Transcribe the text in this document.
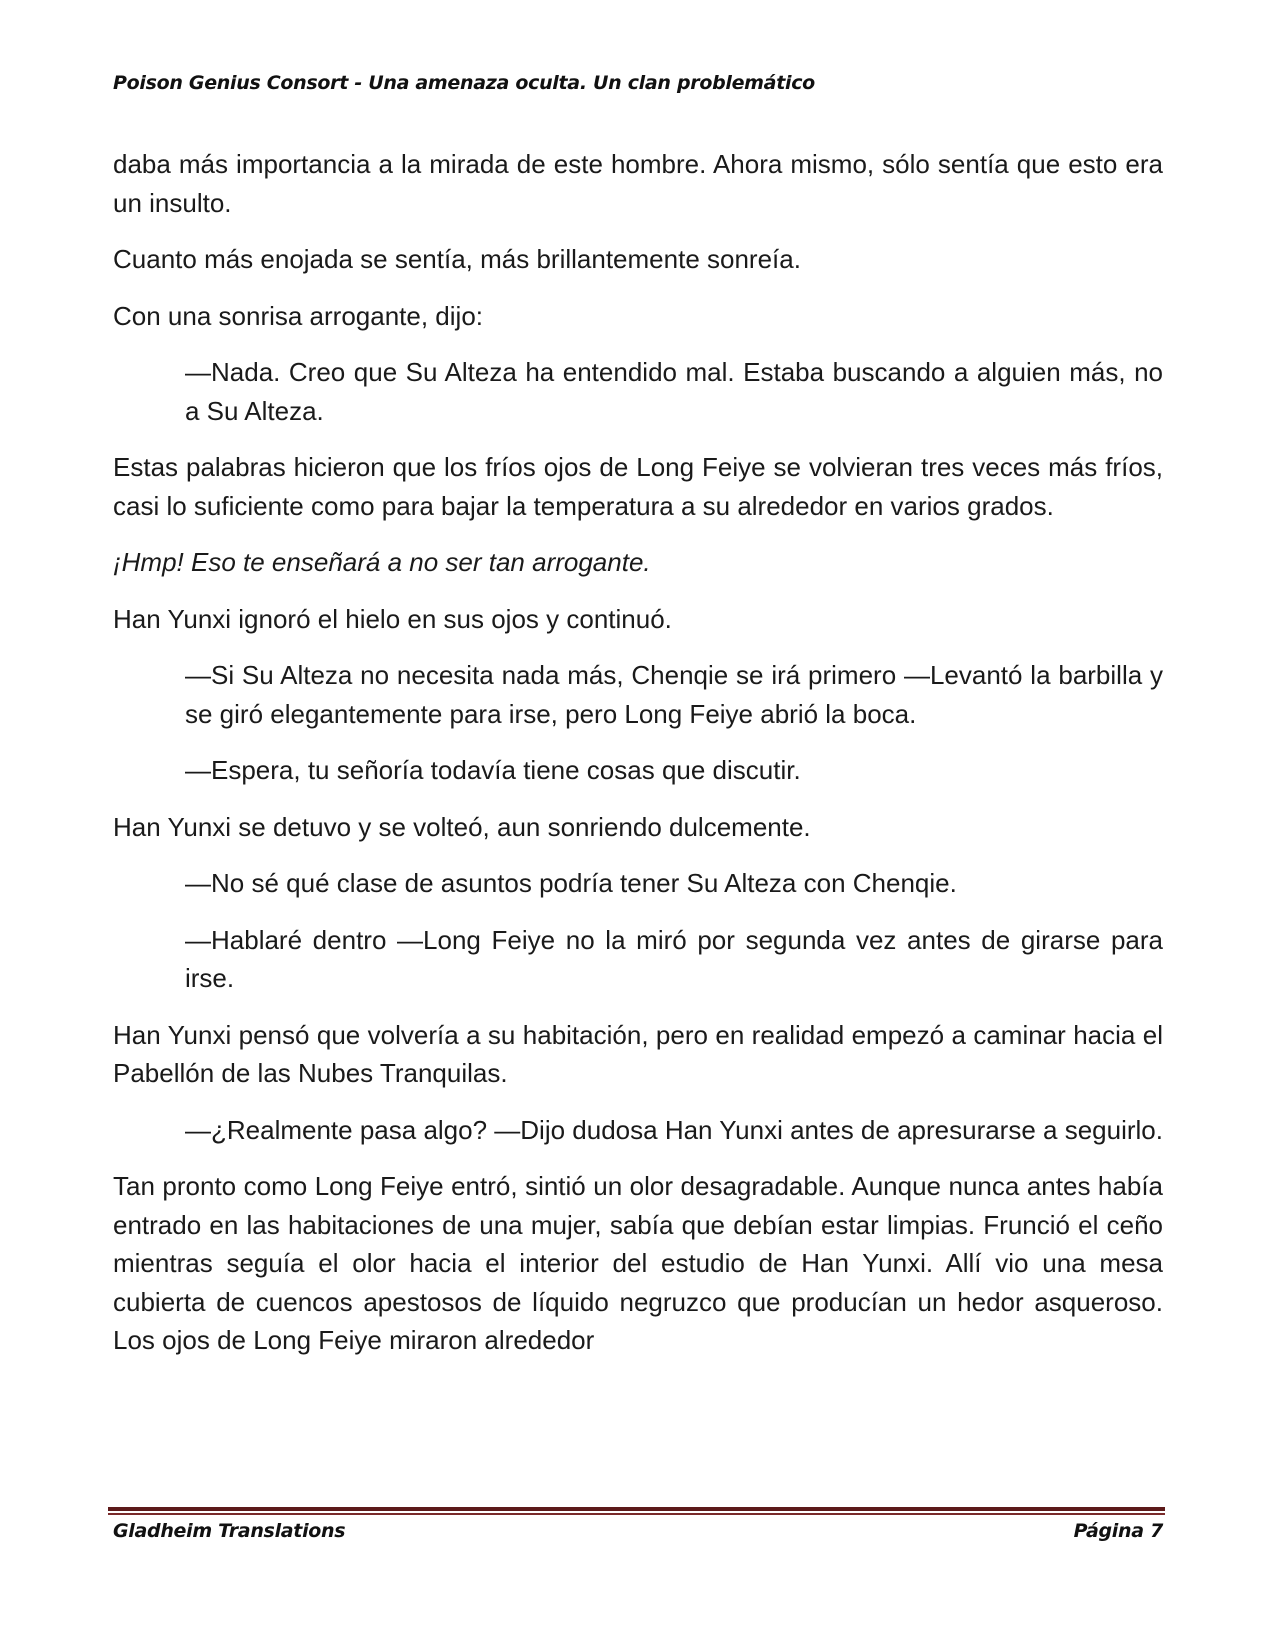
Poison Genius Consort - Una amenaza oculta. Un clan problemático

daba más importancia a la mirada de este hombre. Ahora mismo, sólo sentía que esto era un insulto.

Cuanto más enojada se sentía, más brillantemente sonreía.

Con una sonrisa arrogante, dijo:

—Nada. Creo que Su Alteza ha entendido mal. Estaba buscando a alguien más, no a Su Alteza.

Estas palabras hicieron que los fríos ojos de Long Feiye se volvieran tres veces más fríos, casi lo suficiente como para bajar la temperatura a su alrededor en varios grados.

¡Hmp! Eso te enseñará a no ser tan arrogante.

Han Yunxi ignoró el hielo en sus ojos y continuó.

—Si Su Alteza no necesita nada más, Chenqie se irá primero —Levantó la barbilla y se giró elegantemente para irse, pero Long Feiye abrió la boca.

—Espera, tu señoría todavía tiene cosas que discutir.

Han Yunxi se detuvo y se volteó, aun sonriendo dulcemente.

—No sé qué clase de asuntos podría tener Su Alteza con Chenqie.

—Hablaré dentro —Long Feiye no la miró por segunda vez antes de girarse para irse.

Han Yunxi pensó que volvería a su habitación, pero en realidad empezó a caminar hacia el Pabellón de las Nubes Tranquilas.

—¿Realmente pasa algo? —Dijo dudosa Han Yunxi antes de apresurarse a seguirlo.

Tan pronto como Long Feiye entró, sintió un olor desagradable. Aunque nunca antes había entrado en las habitaciones de una mujer, sabía que debían estar limpias. Frunció el ceño mientras seguía el olor hacia el interior del estudio de Han Yunxi. Allí vio una mesa cubierta de cuencos apestosos de líquido negruzco que producían un hedor asqueroso. Los ojos de Long Feiye miraron alrededor

Gladheim Translations	Página 7
